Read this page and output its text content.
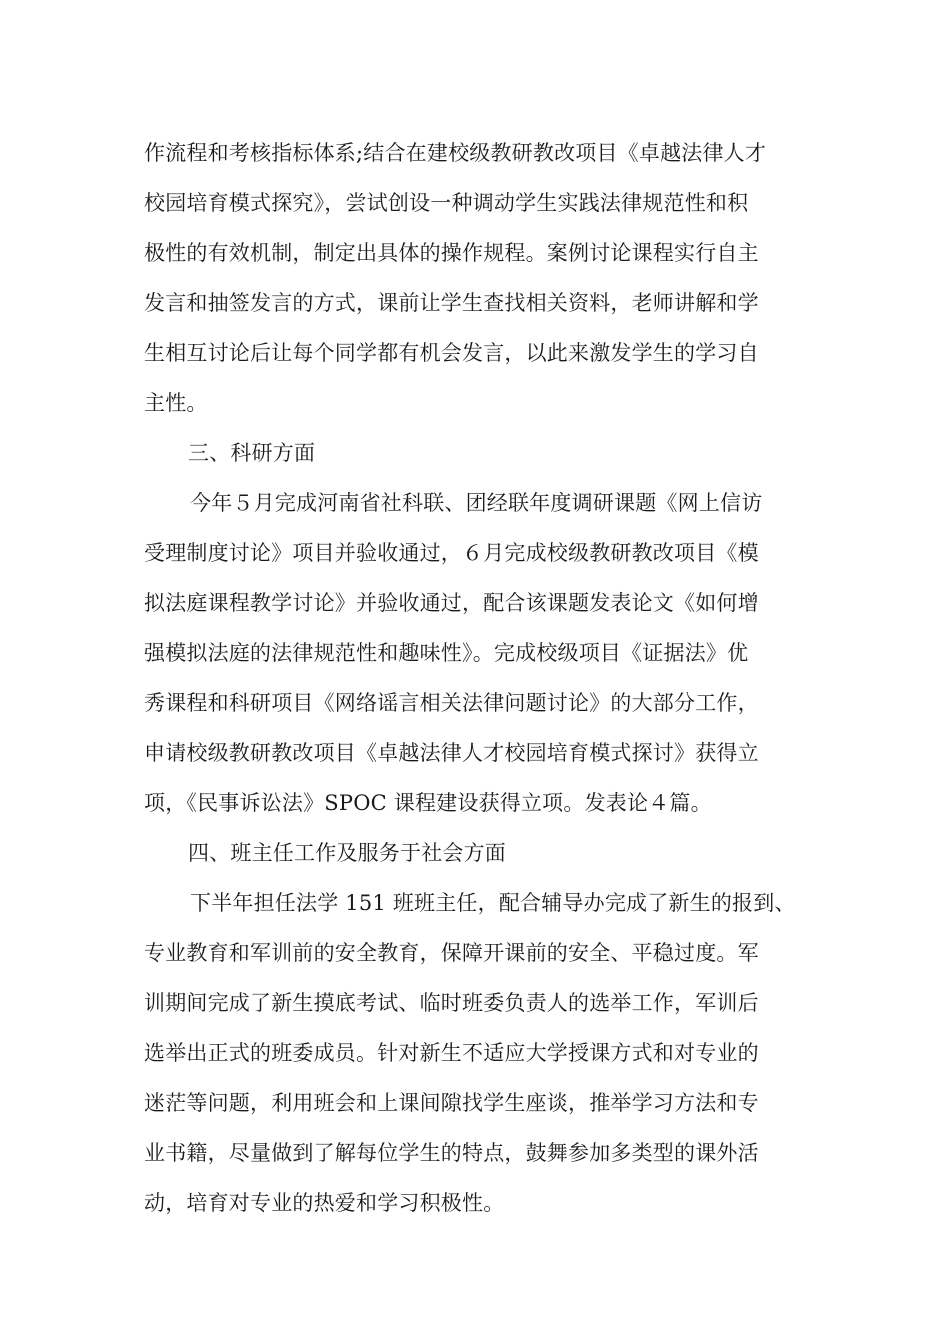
作流程和考核指标体系;结合在建校级教研教改项目《卓越法律人才
校园培育模式探究》，尝试创设一种调动学生实践法律规范性和积
极性的有效机制，制定出具体的操作规程。案例讨论课程实行自主
发言和抽签发言的方式，课前让学生查找相关资料，老师讲解和学
生相互讨论后让每个同学都有机会发言，以此来激发学生的学习自
主性。
三、科研方面
今年５月完成河南省社科联、团经联年度调研课题《网上信访
受理制度讨论》项目并验收通过，６月完成校级教研教改项目《模
拟法庭课程教学讨论》并验收通过，配合该课题发表论文《如何增
强模拟法庭的法律规范性和趣味性》。完成校级项目《证据法》优
秀课程和科研项目《网络谣言相关法律问题讨论》的大部分工作，
申请校级教研教改项目《卓越法律人才校园培育模式探讨》获得立
项，《民事诉讼法》SPOC 课程建设获得立项。发表论４篇。
四、班主任工作及服务于社会方面
下半年担任法学 151 班班主任，配合辅导办完成了新生的报到、
专业教育和军训前的安全教育，保障开课前的安全、平稳过度。军
训期间完成了新生摸底考试、临时班委负责人的选举工作，军训后
选举出正式的班委成员。针对新生不适应大学授课方式和对专业的
迷茫等问题，利用班会和上课间隙找学生座谈，推举学习方法和专
业书籍，尽量做到了解每位学生的特点，鼓舞参加多类型的课外活
动，培育对专业的热爱和学习积极性。
